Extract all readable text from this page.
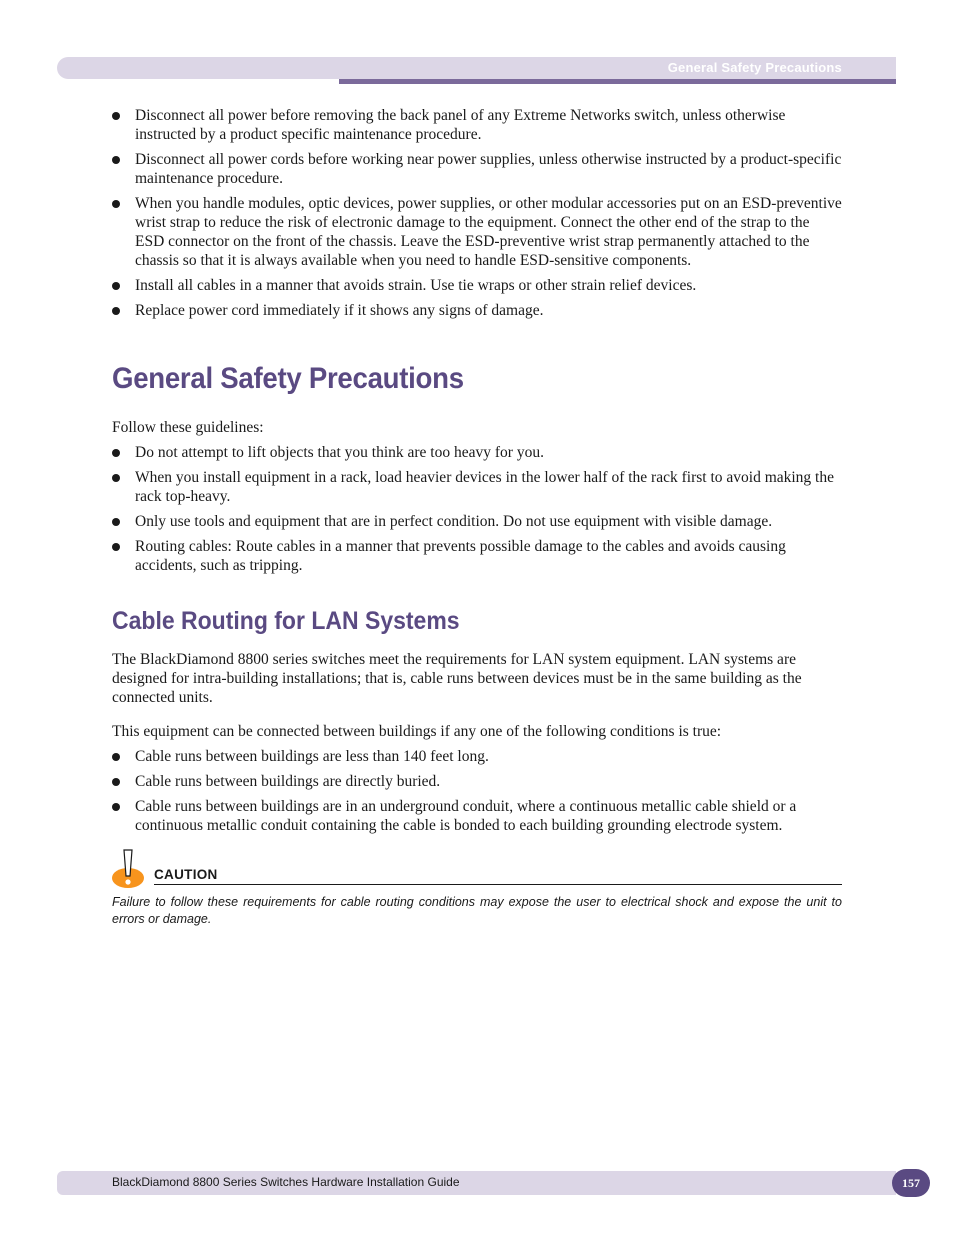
General Safety Precautions
Disconnect all power before removing the back panel of any Extreme Networks switch, unless otherwise instructed by a product specific maintenance procedure.
Disconnect all power cords before working near power supplies, unless otherwise instructed by a product-specific maintenance procedure.
When you handle modules, optic devices, power supplies, or other modular accessories put on an ESD-preventive wrist strap to reduce the risk of electronic damage to the equipment. Connect the other end of the strap to the ESD connector on the front of the chassis. Leave the ESD-preventive wrist strap permanently attached to the chassis so that it is always available when you need to handle ESD-sensitive components.
Install all cables in a manner that avoids strain. Use tie wraps or other strain relief devices.
Replace power cord immediately if it shows any signs of damage.
General Safety Precautions

Follow these guidelines:

Do not attempt to lift objects that you think are too heavy for you.
When you install equipment in a rack, load heavier devices in the lower half of the rack first to avoid making the rack top-heavy.
Only use tools and equipment that are in perfect condition. Do not use equipment with visible damage.
Routing cables: Route cables in a manner that prevents possible damage to the cables and avoids causing accidents, such as tripping.
Cable Routing for LAN Systems

The BlackDiamond 8800 series switches meet the requirements for LAN system equipment. LAN systems are designed for intra-building installations; that is, cable runs between devices must be in the same building as the connected units.

This equipment can be connected between buildings if any one of the following conditions is true:

Cable runs between buildings are less than 140 feet long.
Cable runs between buildings are directly buried.
Cable runs between buildings are in an underground conduit, where a continuous metallic cable shield or a continuous metallic conduit containing the cable is bonded to each building grounding electrode system.
CAUTION
Failure to follow these requirements for cable routing conditions may expose the user to electrical shock and expose the unit to errors or damage.
BlackDiamond 8800 Series Switches Hardware Installation Guide	157
